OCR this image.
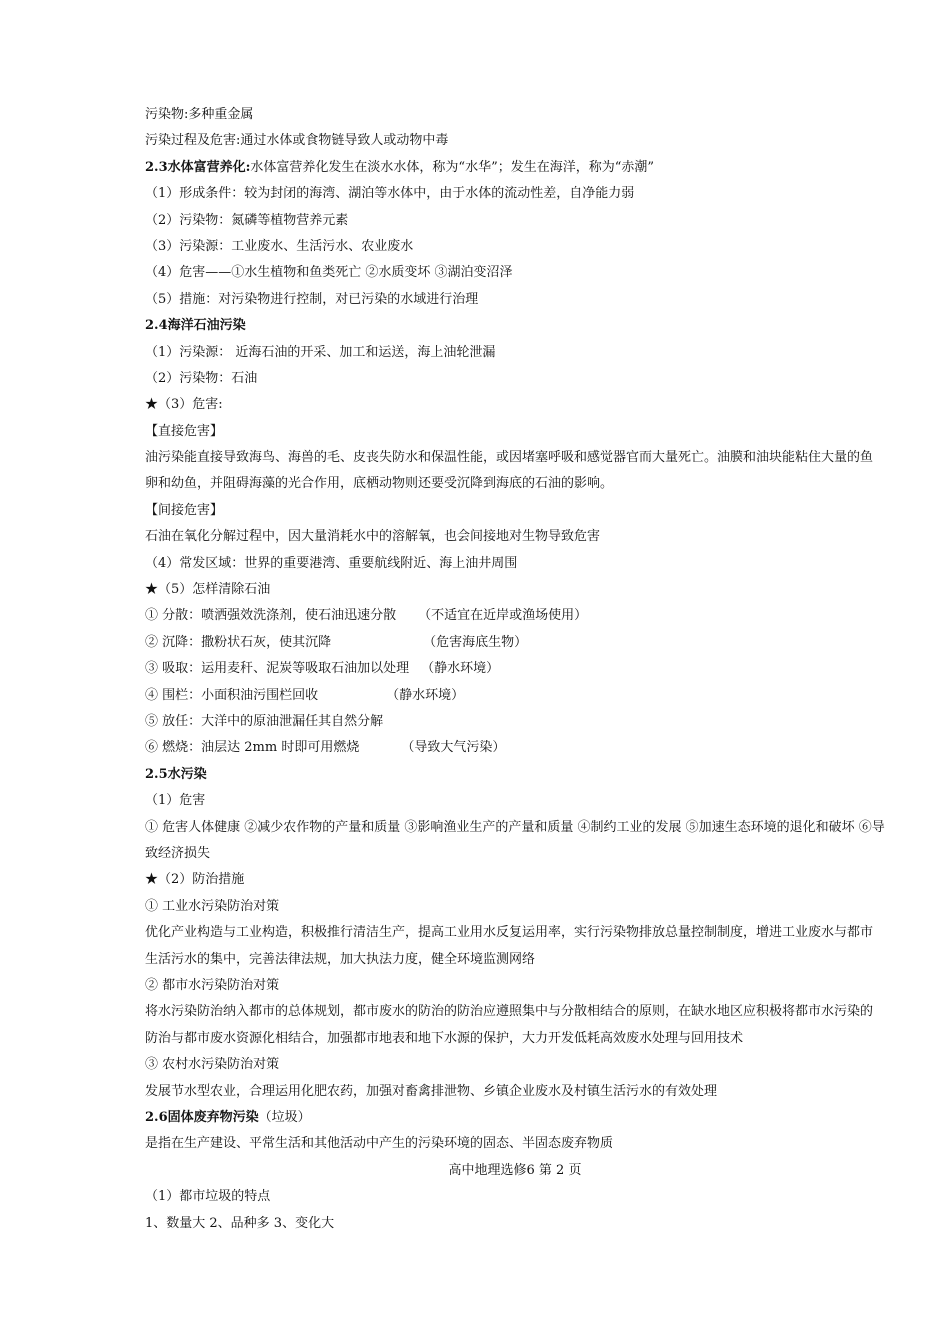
污染物:多种重金属
污染过程及危害:通过水体或食物链导致人或动物中毒
2.3水体富营养化:水体富营养化发生在淡水水体，称为“水华”；发生在海洋，称为“赤潮”
（1）形成条件：较为封闭的海湾、湖泊等水体中，由于水体的流动性差，自净能力弱
（2）污染物：氮磷等植物营养元素
（3）污染源：工业废水、生活污水、农业废水
（4）危害——①水生植物和鱼类死亡 ②水质变坏 ③湖泊变沼泽
（5）措施：对污染物进行控制，对已污染的水域进行治理
2.4海洋石油污染
（1）污染源： 近海石油的开采、加工和运送，海上油轮泄漏
（2）污染物：石油
★（3）危害:
【直接危害】
油污染能直接导致海鸟、海兽的毛、皮丧失防水和保温性能，或因堵塞呼吸和感觉器官而大量死亡。油膜和油块能粘住大量的鱼卵和幼鱼，并阻碍海藻的光合作用，底栖动物则还要受沉降到海底的石油的影响。
【间接危害】
石油在氧化分解过程中，因大量消耗水中的溶解氧，也会间接地对生物导致危害
（4）常发区域：世界的重要港湾、重要航线附近、海上油井周围
★（5）怎样清除石油
① 分散：喷洒强效洗涤剂，使石油迅速分散 （不适宜在近岸或渔场使用）
② 沉降：撒粉状石灰，使其沉降	（危害海底生物）
③ 吸取：运用麦秆、泥炭等吸取石油加以处理 （静水环境）
④ 围栏：小面积油污围栏回收	（静水环境）
⑤ 放任：大洋中的原油泄漏任其自然分解
⑥ 燃烧：油层达 2mm 时即可用燃烧	（导致大气污染）
2.5水污染
（1）危害
① 危害人体健康 ②减少农作物的产量和质量 ③影响渔业生产的产量和质量 ④制约工业的发展 ⑤加速生态环境的退化和破坏 ⑥导致经济损失
★（2）防治措施
① 工业水污染防治对策
优化产业构造与工业构造，积极推行清洁生产，提高工业用水反复运用率，实行污染物排放总量控制制度，增进工业废水与都市生活污水的集中，完善法律法规，加大执法力度，健全环境监测网络
② 都市水污染防治对策
将水污染防治纳入都市的总体规划，都市废水的防治的防治应遵照集中与分散相结合的原则，在缺水地区应积极将都市水污染的防治与都市废水资源化相结合，加强都市地表和地下水源的保护，大力开发低耗高效废水处理与回用技术
③ 农村水污染防治对策
发展节水型农业，合理运用化肥农药，加强对畜禽排泄物、乡镇企业废水及村镇生活污水的有效处理
2.6固体废弃物污染（垃圾）
是指在生产建设、平常生活和其他活动中产生的污染环境的固态、半固态废弃物质
高中地理选修6 第 2 页
（1）都市垃圾的特点
1、数量大 2、品种多 3、变化大
